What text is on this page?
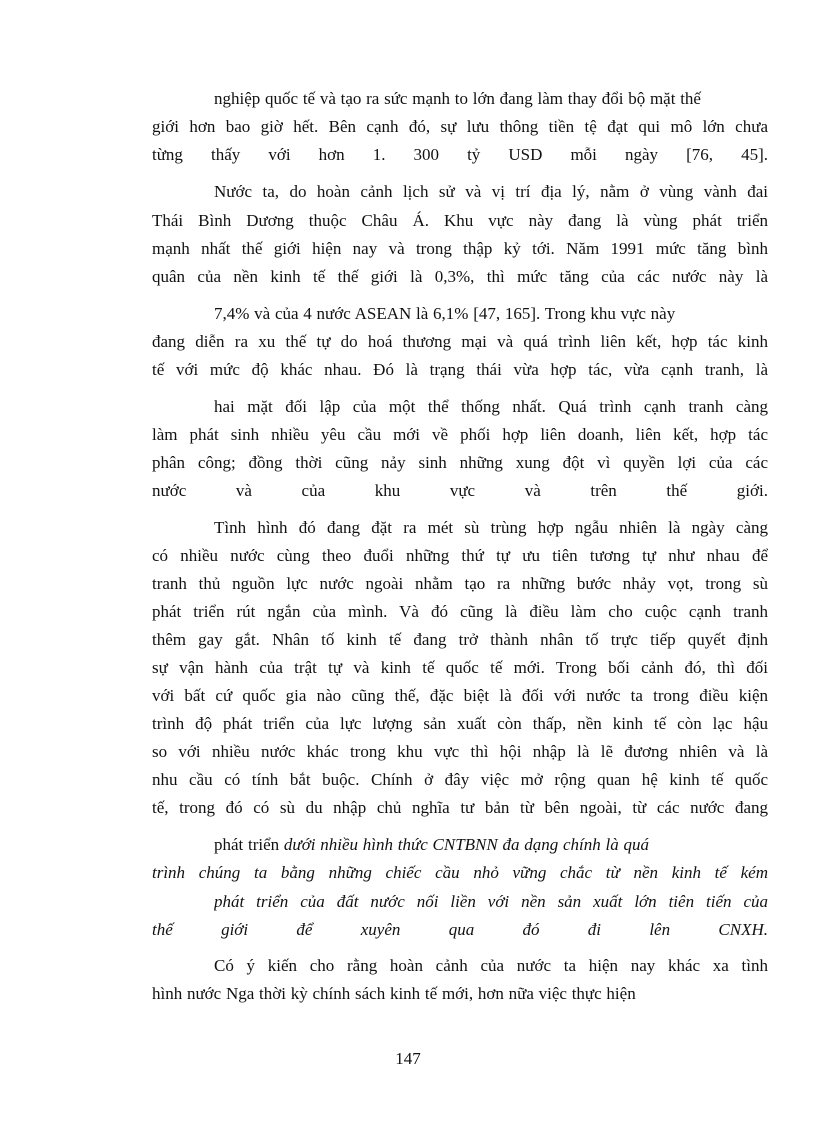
nghiệp quốc tế và tạo ra sức mạnh to lớn đang làm thay đổi bộ mặt thế
giới hơn bao giờ hết. Bên cạnh đó, sự lưu thông tiền tệ đạt qui mô lớn chưa
từng thấy với hơn 1. 300 tỷ USD mỗi ngày [76, 45].
Nước ta, do hoàn cảnh lịch sử và vị trí địa lý, nằm ở vùng vành đai
Thái Bình Dương thuộc Châu Á. Khu vực này đang là vùng phát triển
mạnh nhất thế giới hiện nay và trong thập kỷ tới. Năm 1991 mức tăng bình
quân của nền kinh tế thế giới là 0,3%, thì mức tăng của các nước này là
7,4% và của 4 nước ASEAN là 6,1% [47, 165]. Trong khu vực này
đang diễn ra xu thế tự do hoá thương mại và quá trình liên kết, hợp tác kinh
tế với mức độ khác nhau. Đó là trạng thái vừa hợp tác, vừa cạnh tranh, là
hai mặt đối lập của một thể thống nhất. Quá trình cạnh tranh càng
làm phát sinh nhiều yêu cầu mới về phối hợp liên doanh, liên kết, hợp tác
phân công; đồng thời cũng nảy sinh những xung đột vì quyền lợi của các
nước và của khu vực và trên thế giới.
Tình hình đó đang đặt ra mét sù trùng hợp ngẫu nhiên là ngày càng
có nhiều nước cùng theo đuổi những thứ tự ưu tiên tương tự như nhau để
tranh thủ nguồn lực nước ngoài nhằm tạo ra những bước nhảy vọt, trong sù
phát triển rút ngắn của mình. Và đó cũng là điều làm cho cuộc cạnh tranh
thêm gay gắt. Nhân tố kinh tế đang trở thành nhân tố trực tiếp quyết định
sự vận hành của trật tự và kinh tế quốc tế mới. Trong bối cảnh đó, thì đối
với bất cứ quốc gia nào cũng thế, đặc biệt là đối với nước ta trong điều kiện
trình độ phát triển của lực lượng sản xuất còn thấp, nền kinh tế còn lạc hậu
so với nhiều nước khác trong khu vực thì hội nhập là lẽ đương nhiên và là
nhu cầu có tính bắt buộc. Chính ở đây việc mở rộng quan hệ kinh tế quốc
tế, trong đó có sù du nhập chủ nghĩa tư bản từ bên ngoài, từ các nước đang
phát triển dưới nhiều hình thức CNTBNN đa dạng chính là quá
trình chúng ta bằng những chiếc cầu nhỏ vững chắc từ nền kinh tế kém
phát triển của đất nước nối liền với nền sản xuất lớn tiên tiến của
thế giới để xuyên qua đó đi lên CNXH.
Có ý kiến cho rằng hoàn cảnh của nước ta hiện nay khác xa tình
hình nước Nga thời kỳ chính sách kinh tế mới, hơn nữa việc thực hiện
147
